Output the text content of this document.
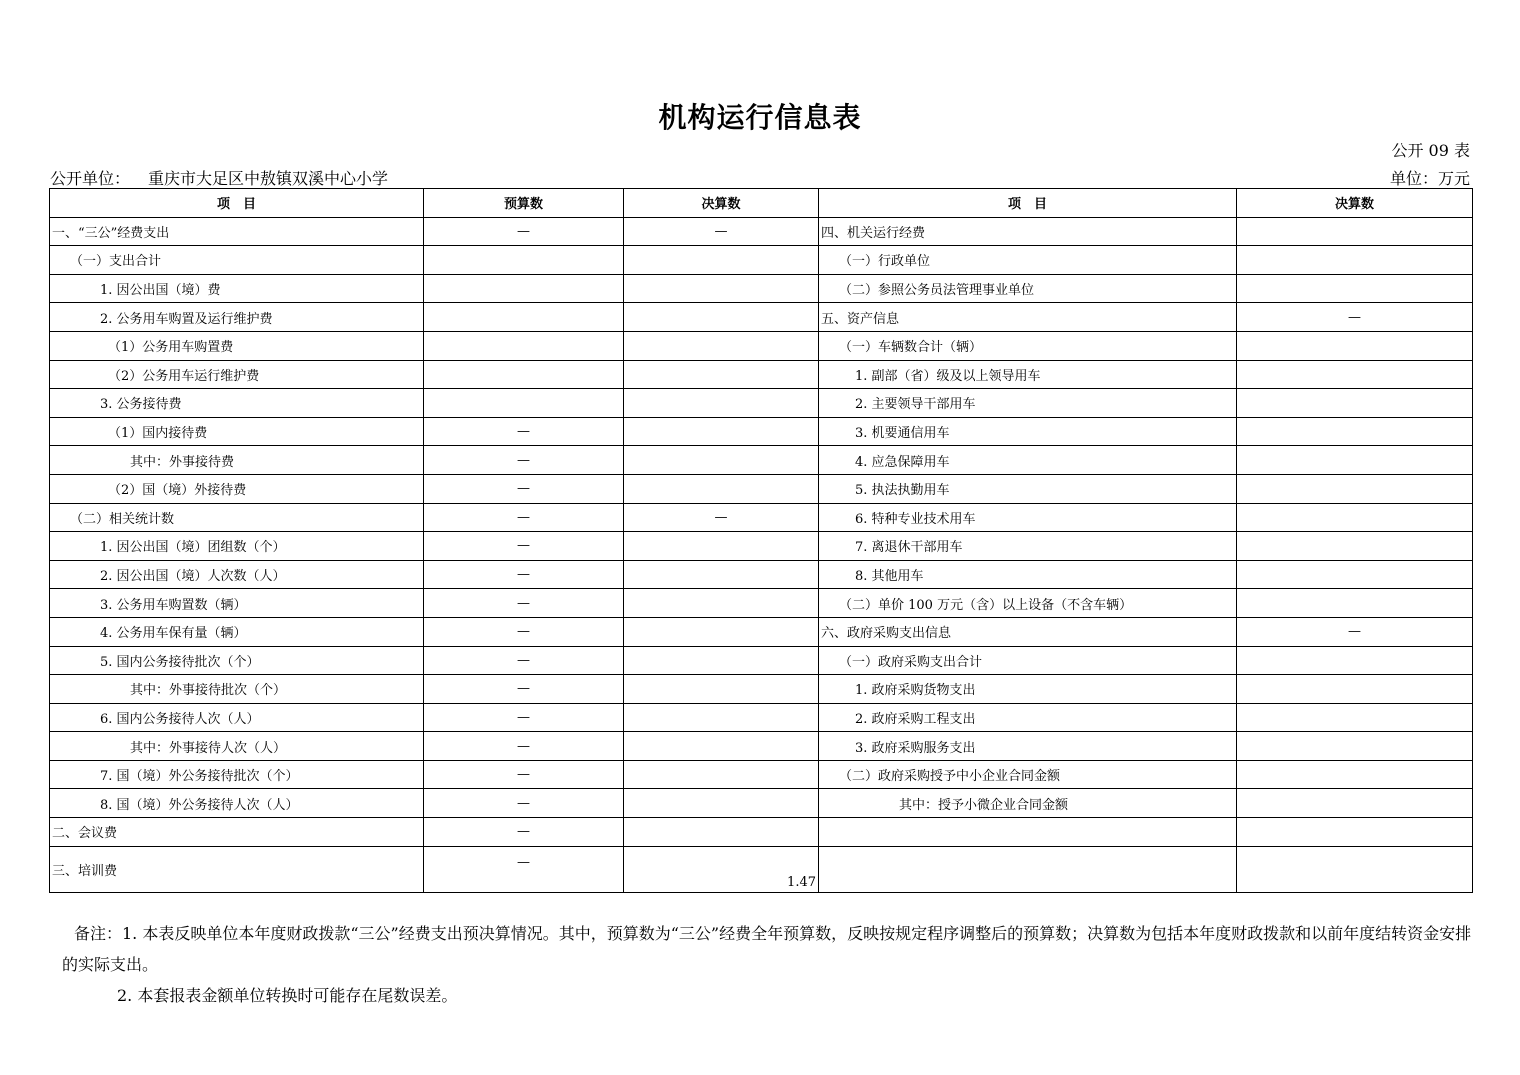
机构运行信息表
公开 09 表
公开单位： 重庆市大足区中敖镇双溪中心小学	单位：万元
项　目	预算数	决算数	项　目	决算数
一、“三公”经费支出	—	—	四、机关运行经费	
（一）支出合计			（一）行政单位	
1. 因公出国（境）费			（二）参照公务员法管理事业单位	
2. 公务用车购置及运行维护费			五、资产信息	—
（1）公务用车购置费			（一）车辆数合计（辆）	
（2）公务用车运行维护费			1. 副部（省）级及以上领导用车	
3. 公务接待费			2. 主要领导干部用车	
（1）国内接待费	—		3. 机要通信用车	
其中：外事接待费	—		4. 应急保障用车	
（2）国（境）外接待费	—		5. 执法执勤用车	
（二）相关统计数	—	—	6. 特种专业技术用车	
1. 因公出国（境）团组数（个）	—		7. 离退休干部用车	
2. 因公出国（境）人次数（人）	—		8. 其他用车	
3. 公务用车购置数（辆）	—		（二）单价 100 万元（含）以上设备（不含车辆）	
4. 公务用车保有量（辆）	—		六、政府采购支出信息	—
5. 国内公务接待批次（个）	—		（一）政府采购支出合计	
其中：外事接待批次（个）	—		1. 政府采购货物支出	
6. 国内公务接待人次（人）	—		2. 政府采购工程支出	
其中：外事接待人次（人）	—		3. 政府采购服务支出	
7. 国（境）外公务接待批次（个）	—		（二）政府采购授予中小企业合同金额	
8. 国（境）外公务接待人次（人）	—		其中：授予小微企业合同金额	
二、会议费	—			
三、培训费	—	1.47		

备注：1. 本表反映单位本年度财政拨款“三公”经费支出预决算情况。其中，预算数为“三公”经费全年预算数，反映按规定程序调整后的预算数；决算数为包括本年度财政拨款和以前年度结转资金安排的实际支出。

2. 本套报表金额单位转换时可能存在尾数误差。
